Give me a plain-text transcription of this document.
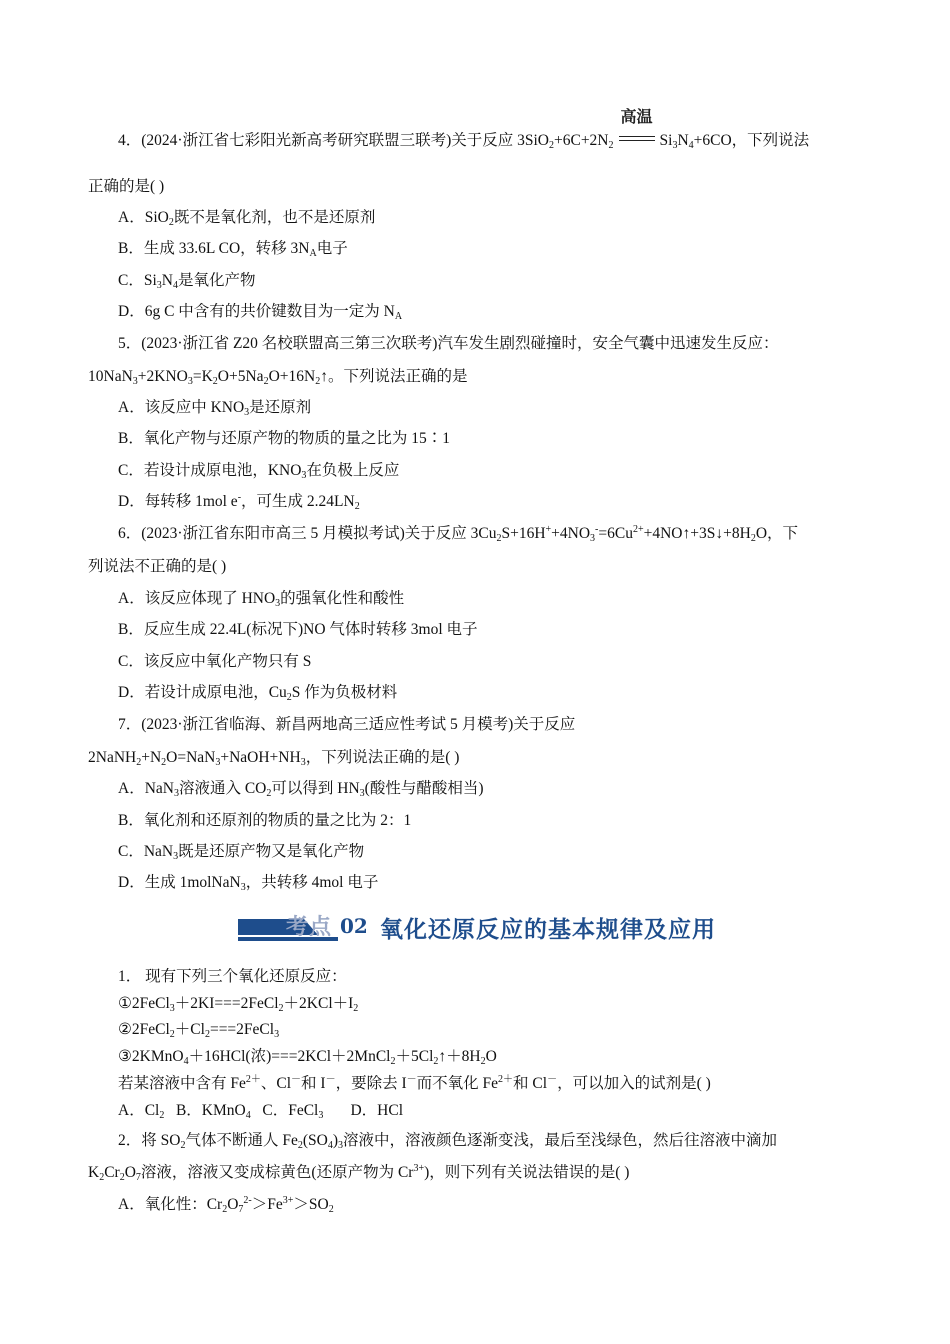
4．(2024·浙江省七彩阳光新高考研究联盟三联考)关于反应 $3SiO_2+6C+2N_2$
高温
$Si_3N_4+6CO$，下列说法
正确的是( )
A．SiO$_2$既不是氧化剂，也不是还原剂
B．生成 33.6L CO，转移 $3N_A$电子
C．$Si_3N_4$是氧化产物
D．6g C 中含有的共价键数目为一定为 $N_A$
5．(2023·浙江省 Z20 名校联盟高三第三次联考)汽车发生剧烈碰撞时，安全气囊中迅速发生反应：
$10NaN_3+2KNO_3=K_2O+5Na_2O+16N_2↑$。下列说法正确的是
A．该反应中 $KNO_3$是还原剂
B．氧化产物与还原产物的物质的量之比为 15∶1
C．若设计成原电池，$KNO_3$在负极上反应
D．每转移 1mol e-，可生成 $2.24LN_2$
6．(2023·浙江省东阳市高三 5 月模拟考试)关于反应 $3Cu_2S+16H^++4NO_3^-=6Cu^{2+}+4NO↑+3S↓+8H_2O$，下
列说法不正确的是( )
A．该反应体现了 $HNO_3$的强氧化性和酸性
B．反应生成 22.4L(标况下)NO 气体时转移 3mol 电子
C．该反应中氧化产物只有 S
D．若设计成原电池，$Cu_2S$ 作为负极材料
7．(2023·浙江省临海、新昌两地高三适应性考试 5 月模考)关于反应
$2NaNH_2+N_2O=NaN_3+NaOH+NH_3$，下列说法正确的是( )
A．NaN$_3$溶液通入 $CO_2$可以得到 $HN_3$(酸性与醋酸相当)
B．氧化剂和还原剂的物质的量之比为 2：1
C．NaN$_3$既是还原产物又是氧化产物
D．生成 1molNaN$_3$，共转移 4mol 电子
考点 02 氧化还原反应的基本规律及应用
1． 现有下列三个氧化还原反应：
$①2FeCl_3+2KI===2FeCl_2+2KCl+I_2$
$②2FeCl_2+Cl_2===2FeCl_3$
③2KMnO$_4$＋16HCl(浓)$===2KCl+2MnCl_2+5Cl_2↑+8H_2O$
若某溶液中含有 $Fe^{2+}$、Cl－和 I－，要除去 I－而不氧化 $Fe^{2+}$和 Cl－，可以加入的试剂是( )
A．$Cl_2$   B．KMnO$_4$   C．FeCl$_3$       D．HCl
2．将 $SO_2$气体不断通人 $Fe_2(SO_4)_3$溶液中，溶液颜色逐渐变浅，最后至浅绿色，然后往溶液中滴加
$K_2Cr_2O_7$溶液，溶液又变成棕黄色(还原产物为 $Cr^{3+}$)，则下列有关说法错误的是( )
A．氧化性：$Cr_2O_7^{2-}>Fe^{3+}>SO_2$
